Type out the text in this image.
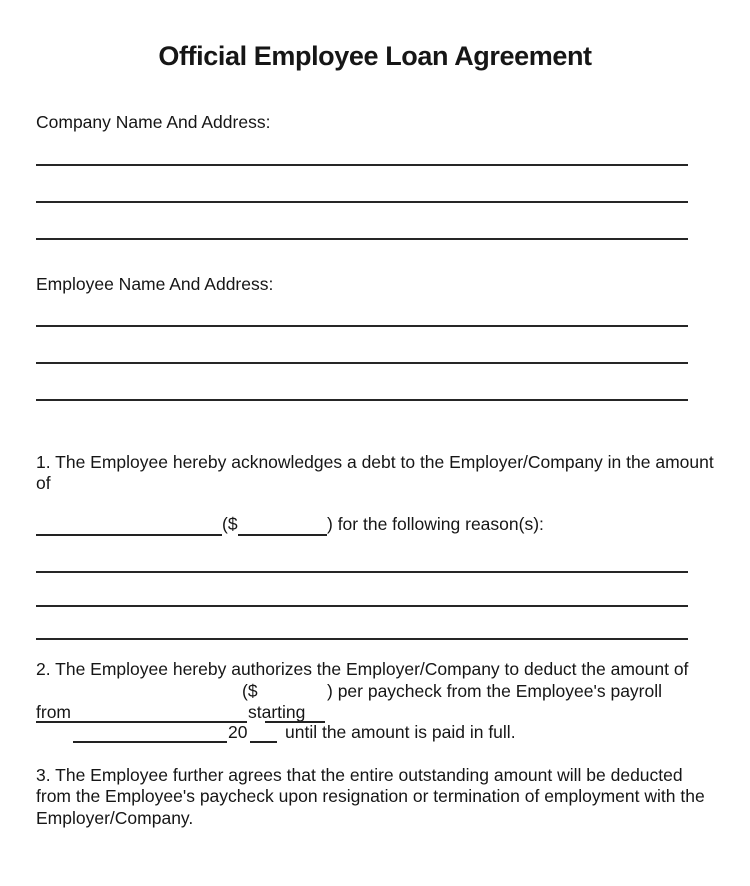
Official Employee Loan Agreement
Company Name And Address:
Employee Name And Address:
1. The Employee hereby acknowledges a debt to the Employer/Company in the amount
of
($	) for the following reason(s):
2. The Employee hereby authorizes the Employer/Company to deduct the amount of
($	) per paycheck from the Employee's payroll
from	starting
20 until the amount is paid in full.
3. The Employee further agrees that the entire outstanding amount will be deducted
from the Employee's paycheck upon resignation or termination of employment with the
Employer/Company.
